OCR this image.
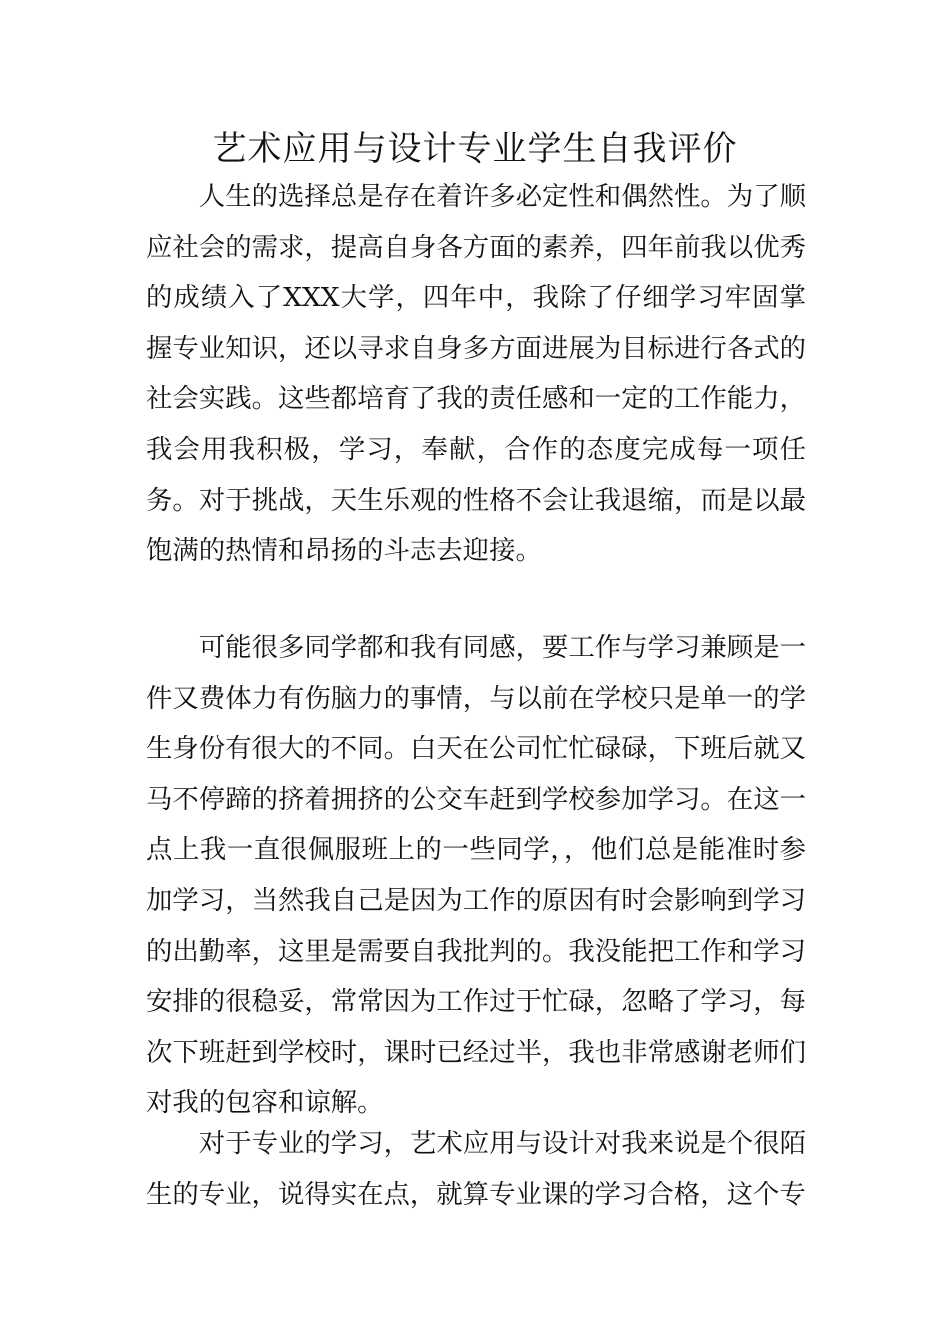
艺术应用与设计专业学生自我评价

人生的选择总是存在着许多必定性和偶然性。为了顺应社会的需求，提高自身各方面的素养，四年前我以优秀的成绩入了XXX大学，四年中，我除了仔细学习牢固掌握专业知识，还以寻求自身多方面进展为目标进行各式的社会实践。这些都培育了我的责任感和一定的工作能力，我会用我积极，学习，奉献，合作的态度完成每一项任务。对于挑战，天生乐观的性格不会让我退缩，而是以最饱满的热情和昂扬的斗志去迎接。

可能很多同学都和我有同感，要工作与学习兼顾是一件又费体力有伤脑力的事情，与以前在学校只是单一的学生身份有很大的不同。白天在公司忙忙碌碌，下班后就又马不停蹄的挤着拥挤的公交车赶到学校参加学习。在这一点上我一直很佩服班上的一些同学，，他们总是能准时参加学习，当然我自己是因为工作的原因有时会影响到学习的出勤率，这里是需要自我批判的。我没能把工作和学习安排的很稳妥，常常因为工作过于忙碌，忽略了学习，每次下班赶到学校时，课时已经过半，我也非常感谢老师们对我的包容和谅解。

对于专业的学习，艺术应用与设计对我来说是个很陌生的专业，说得实在点，就算专业课的学习合格，这个专
